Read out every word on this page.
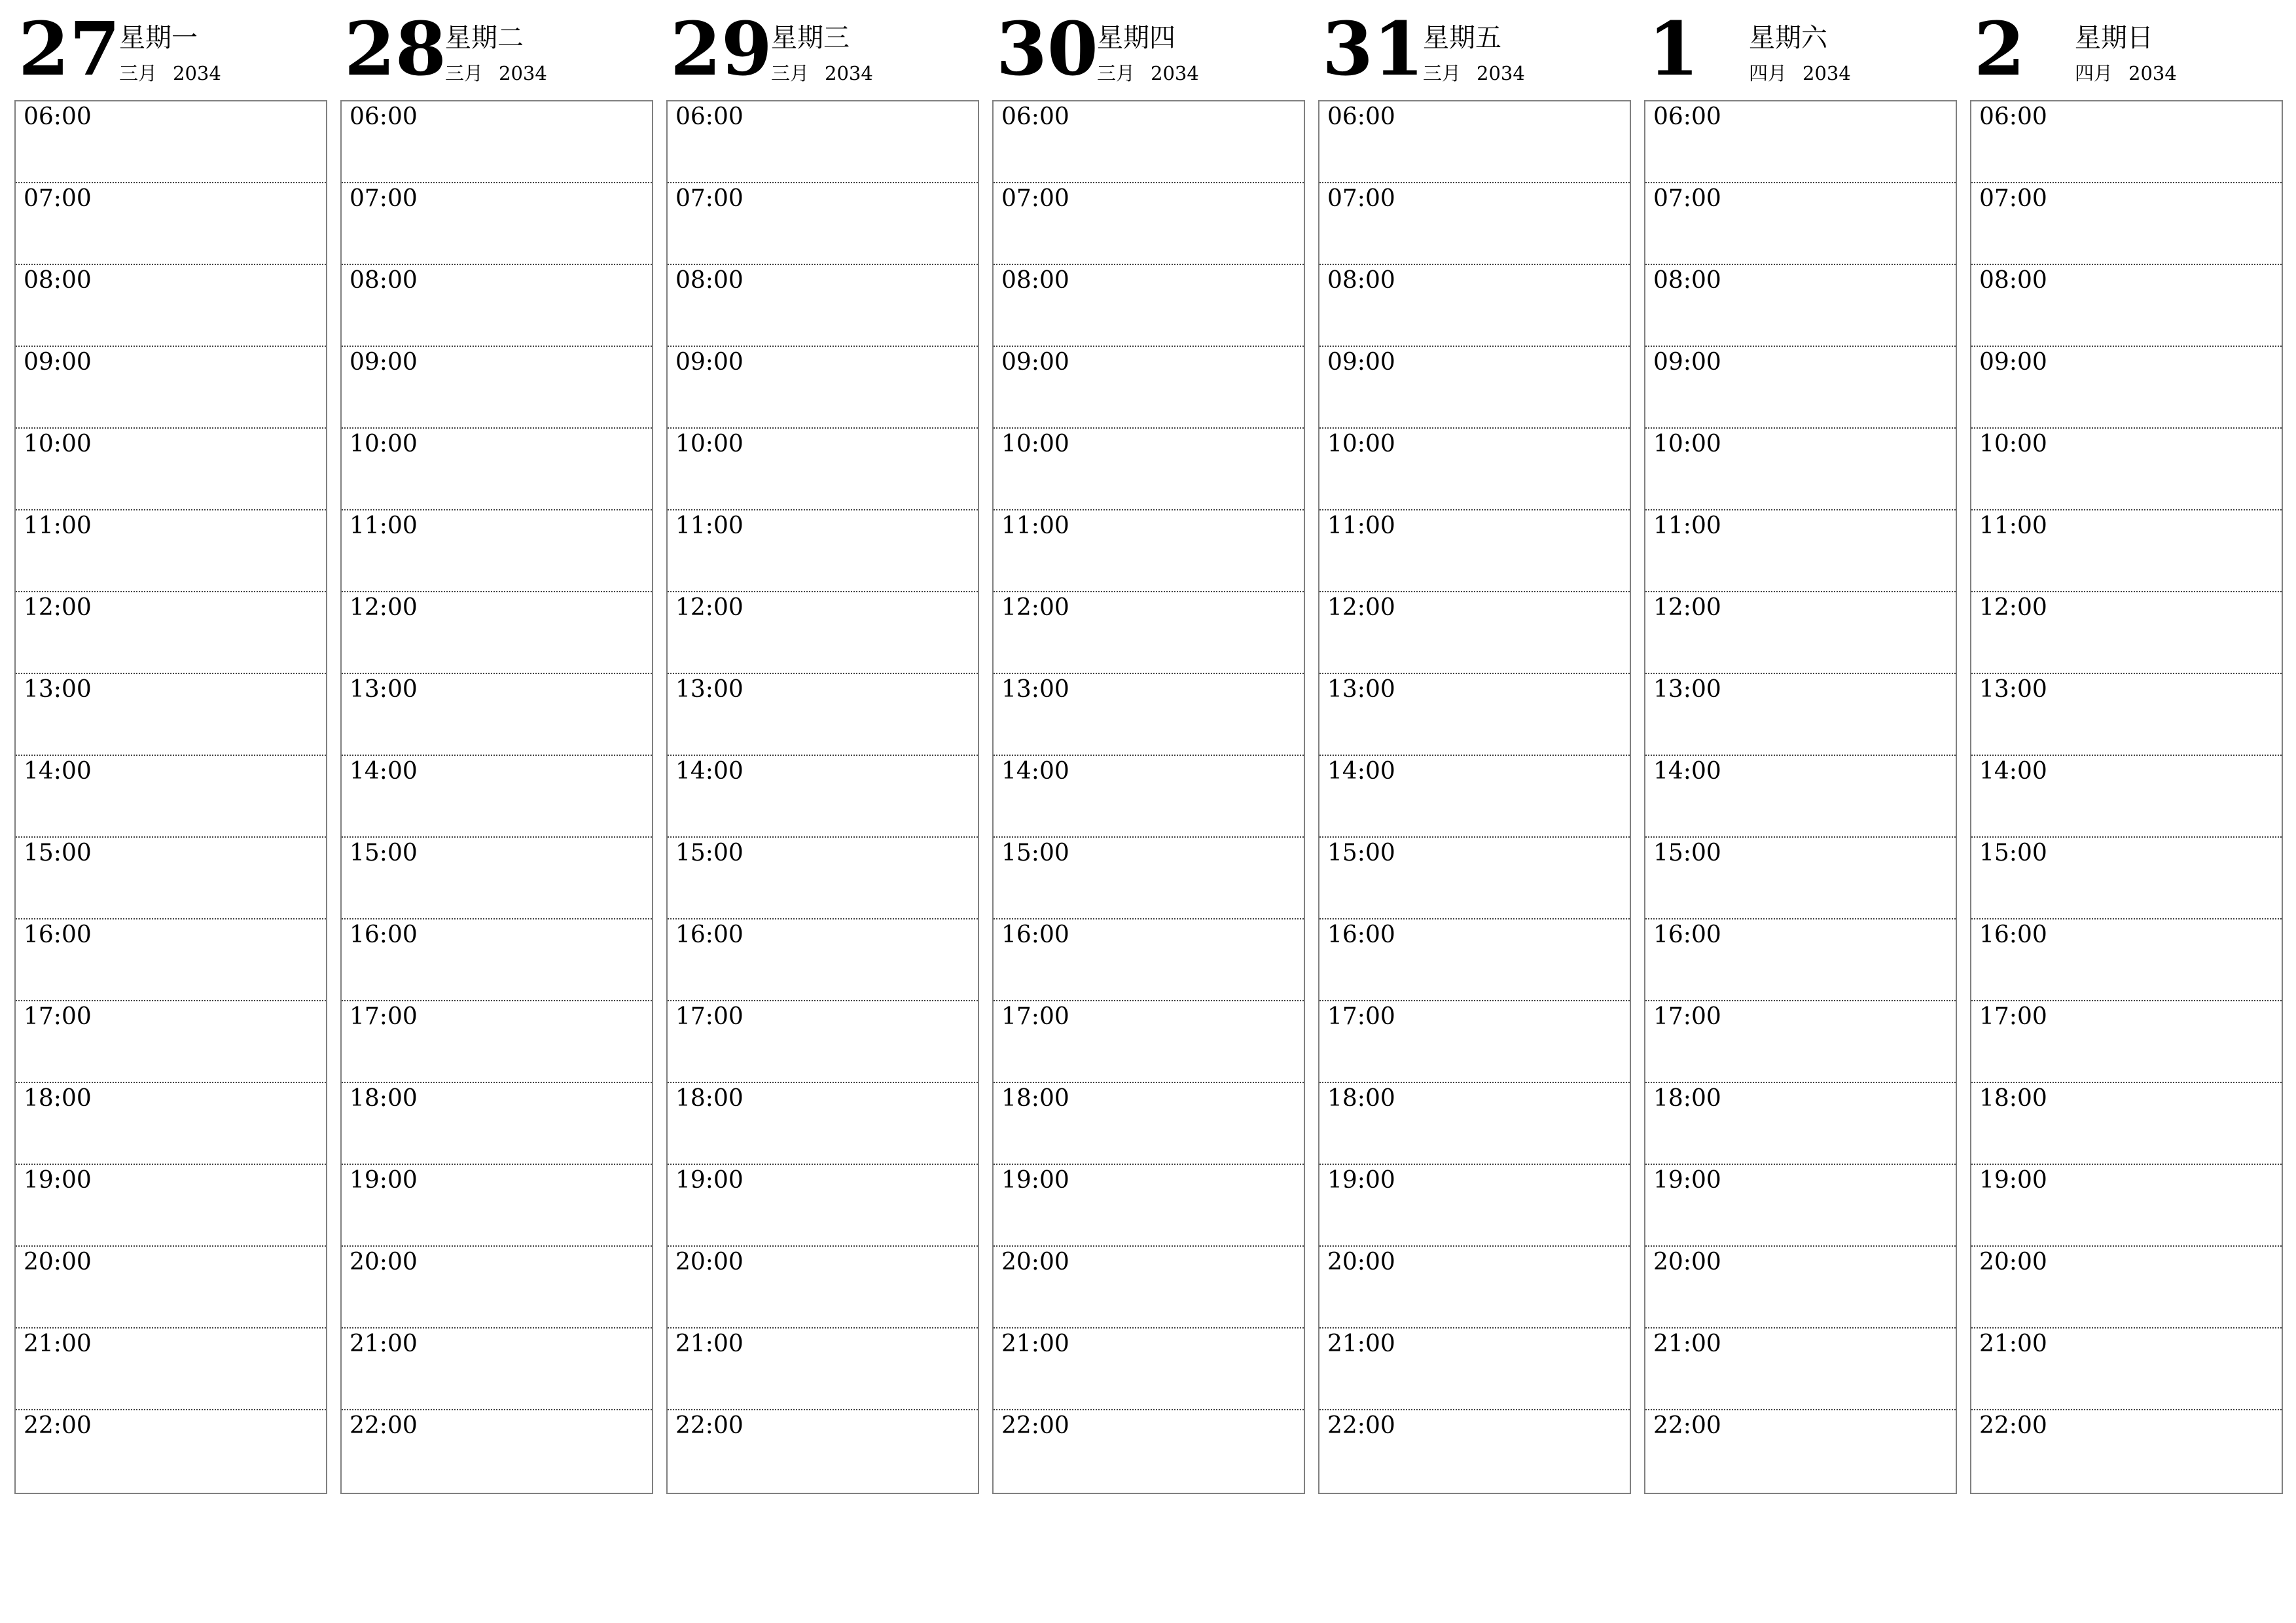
27
星期一
三月 2034
06:00
07:00
08:00
09:00
10:00
11:00
12:00
13:00
14:00
15:00
16:00
17:00
18:00
19:00
20:00
21:00
22:00
28
星期二
三月 2034
06:00
07:00
08:00
09:00
10:00
11:00
12:00
13:00
14:00
15:00
16:00
17:00
18:00
19:00
20:00
21:00
22:00
29
星期三
三月 2034
06:00
07:00
08:00
09:00
10:00
11:00
12:00
13:00
14:00
15:00
16:00
17:00
18:00
19:00
20:00
21:00
22:00
30
星期四
三月 2034
06:00
07:00
08:00
09:00
10:00
11:00
12:00
13:00
14:00
15:00
16:00
17:00
18:00
19:00
20:00
21:00
22:00
31
星期五
三月 2034
06:00
07:00
08:00
09:00
10:00
11:00
12:00
13:00
14:00
15:00
16:00
17:00
18:00
19:00
20:00
21:00
22:00
1 星期六
四月 2034
06:00
07:00
08:00
09:00
10:00
11:00
12:00
13:00
14:00
15:00
16:00
17:00
18:00
19:00
20:00
21:00
22:00
2 星期日
四月 2034
06:00
07:00
08:00
09:00
10:00
11:00
12:00
13:00
14:00
15:00
16:00
17:00
18:00
19:00
20:00
21:00
22:00
